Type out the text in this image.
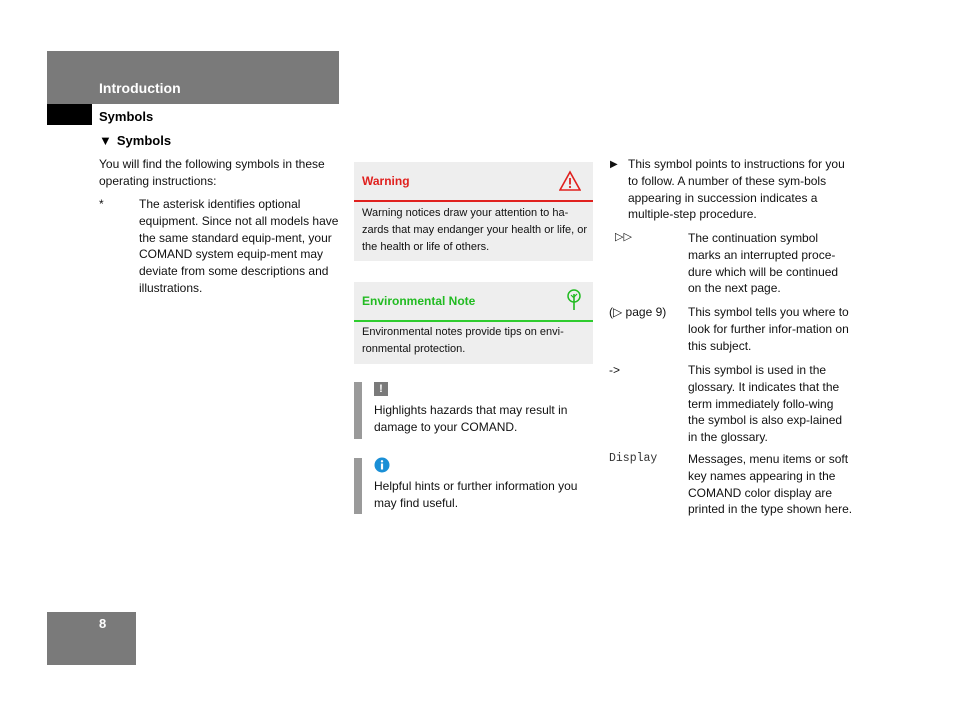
Introduction
Symbols
▼ Symbols
You will find the following symbols in these operating instructions:
*	The asterisk identifies optional equipment. Since not all models have the same standard equip-ment, your COMAND system equip-ment may deviate from some descriptions and illustrations.
Warning
Warning notices draw your attention to ha-zards that may endanger your health or life, or the health or life of others.
Environmental Note
Environmental notes provide tips on envi-ronmental protection.
!
Highlights hazards that may result in damage to your COMAND.
Helpful hints or further information you may find useful.
▶ This symbol points to instructions for you to follow. A number of these sym-bols appearing in succession indicates a multiple-step procedure.
▷▷	The continuation symbol marks an interrupted proce-dure which will be continued on the next page.
(▷ page 9) This symbol tells you where to look for further infor-mation on this subject.
->	This symbol is used in the glossary. It indicates that the term immediately follo-wing the symbol is also exp-lained in the glossary.
Display	Messages, menu items or soft key names appearing in the COMAND color display are printed in the type shown here.
8
